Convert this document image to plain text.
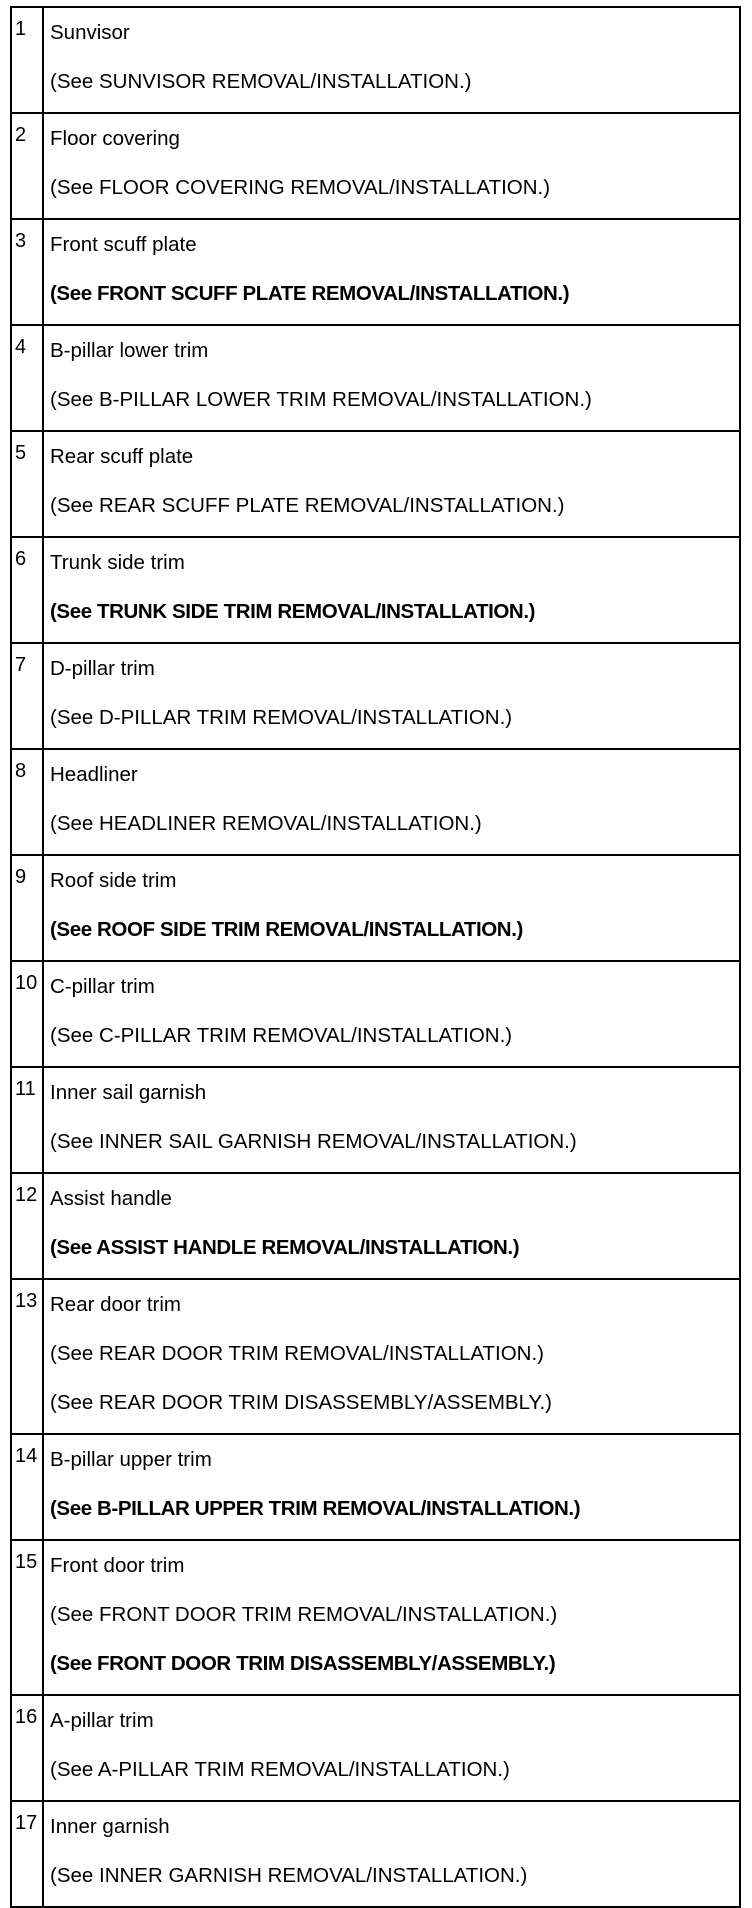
1	Sunvisor
(See SUNVISOR REMOVAL/INSTALLATION.)

2	Floor covering
(See FLOOR COVERING REMOVAL/INSTALLATION.)

3	Front scuff plate
(See FRONT SCUFF PLATE REMOVAL/INSTALLATION.)

4	B-pillar lower trim
(See B-PILLAR LOWER TRIM REMOVAL/INSTALLATION.)

5	Rear scuff plate
(See REAR SCUFF PLATE REMOVAL/INSTALLATION.)

6	Trunk side trim
(See TRUNK SIDE TRIM REMOVAL/INSTALLATION.)

7	D-pillar trim
(See D-PILLAR TRIM REMOVAL/INSTALLATION.)

8	Headliner
(See HEADLINER REMOVAL/INSTALLATION.)

9	Roof side trim
(See ROOF SIDE TRIM REMOVAL/INSTALLATION.)

10	C-pillar trim
(See C-PILLAR TRIM REMOVAL/INSTALLATION.)

11	Inner sail garnish
(See INNER SAIL GARNISH REMOVAL/INSTALLATION.)

12	Assist handle
(See ASSIST HANDLE REMOVAL/INSTALLATION.)

13	Rear door trim
(See REAR DOOR TRIM REMOVAL/INSTALLATION.)
(See REAR DOOR TRIM DISASSEMBLY/ASSEMBLY.)

14	B-pillar upper trim
(See B-PILLAR UPPER TRIM REMOVAL/INSTALLATION.)

15	Front door trim
(See FRONT DOOR TRIM REMOVAL/INSTALLATION.)
(See FRONT DOOR TRIM DISASSEMBLY/ASSEMBLY.)

16	A-pillar trim
(See A-PILLAR TRIM REMOVAL/INSTALLATION.)

17	Inner garnish
(See INNER GARNISH REMOVAL/INSTALLATION.)
